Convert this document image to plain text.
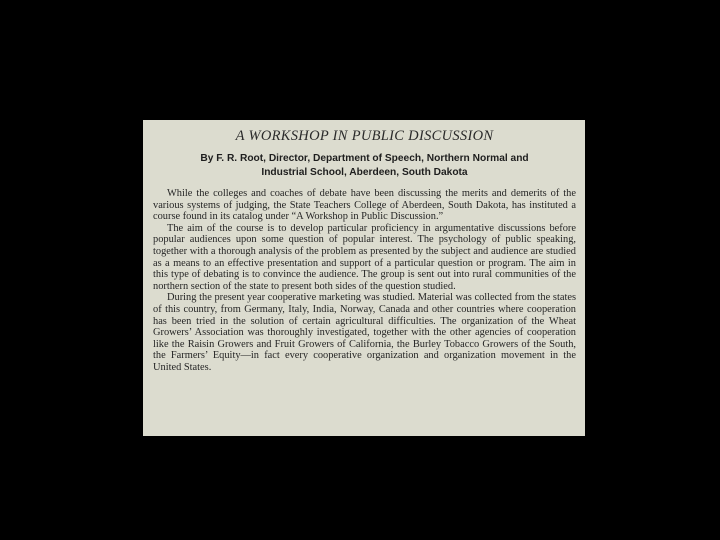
A WORKSHOP IN PUBLIC DISCUSSION
By F. R. Root, Director, Department of Speech, Northern Normal and
Industrial School, Aberdeen, South Dakota

While the colleges and coaches of debate have been discussing the merits and demerits of the various systems of judging, the State Teachers College of Aberdeen, South Dakota, has instituted a course found in its catalog under “A Workshop in Public Discussion.”

The aim of the course is to develop particular proficiency in argumentative discussions before popular audiences upon some question of popular interest. The psychology of public speaking, together with a thorough analysis of the problem as presented by the subject and audience are studied as a means to an effective presentation and support of a particular question or program. The aim in this type of debating is to convince the audience. The group is sent out into rural communities of the northern section of the state to present both sides of the question studied.

During the present year cooperative marketing was studied. Material was collected from the states of this country, from Germany, Italy, India, Norway, Canada and other countries where cooperation has been tried in the solution of certain agricultural difficulties. The organization of the Wheat Growers’ Association was thoroughly investigated, together with the other agencies of cooperation like the Raisin Growers and Fruit Growers of California, the Burley Tobacco Growers of the South, the Farmers’ Equity—in fact every cooperative organization and organization movement in the United States.
